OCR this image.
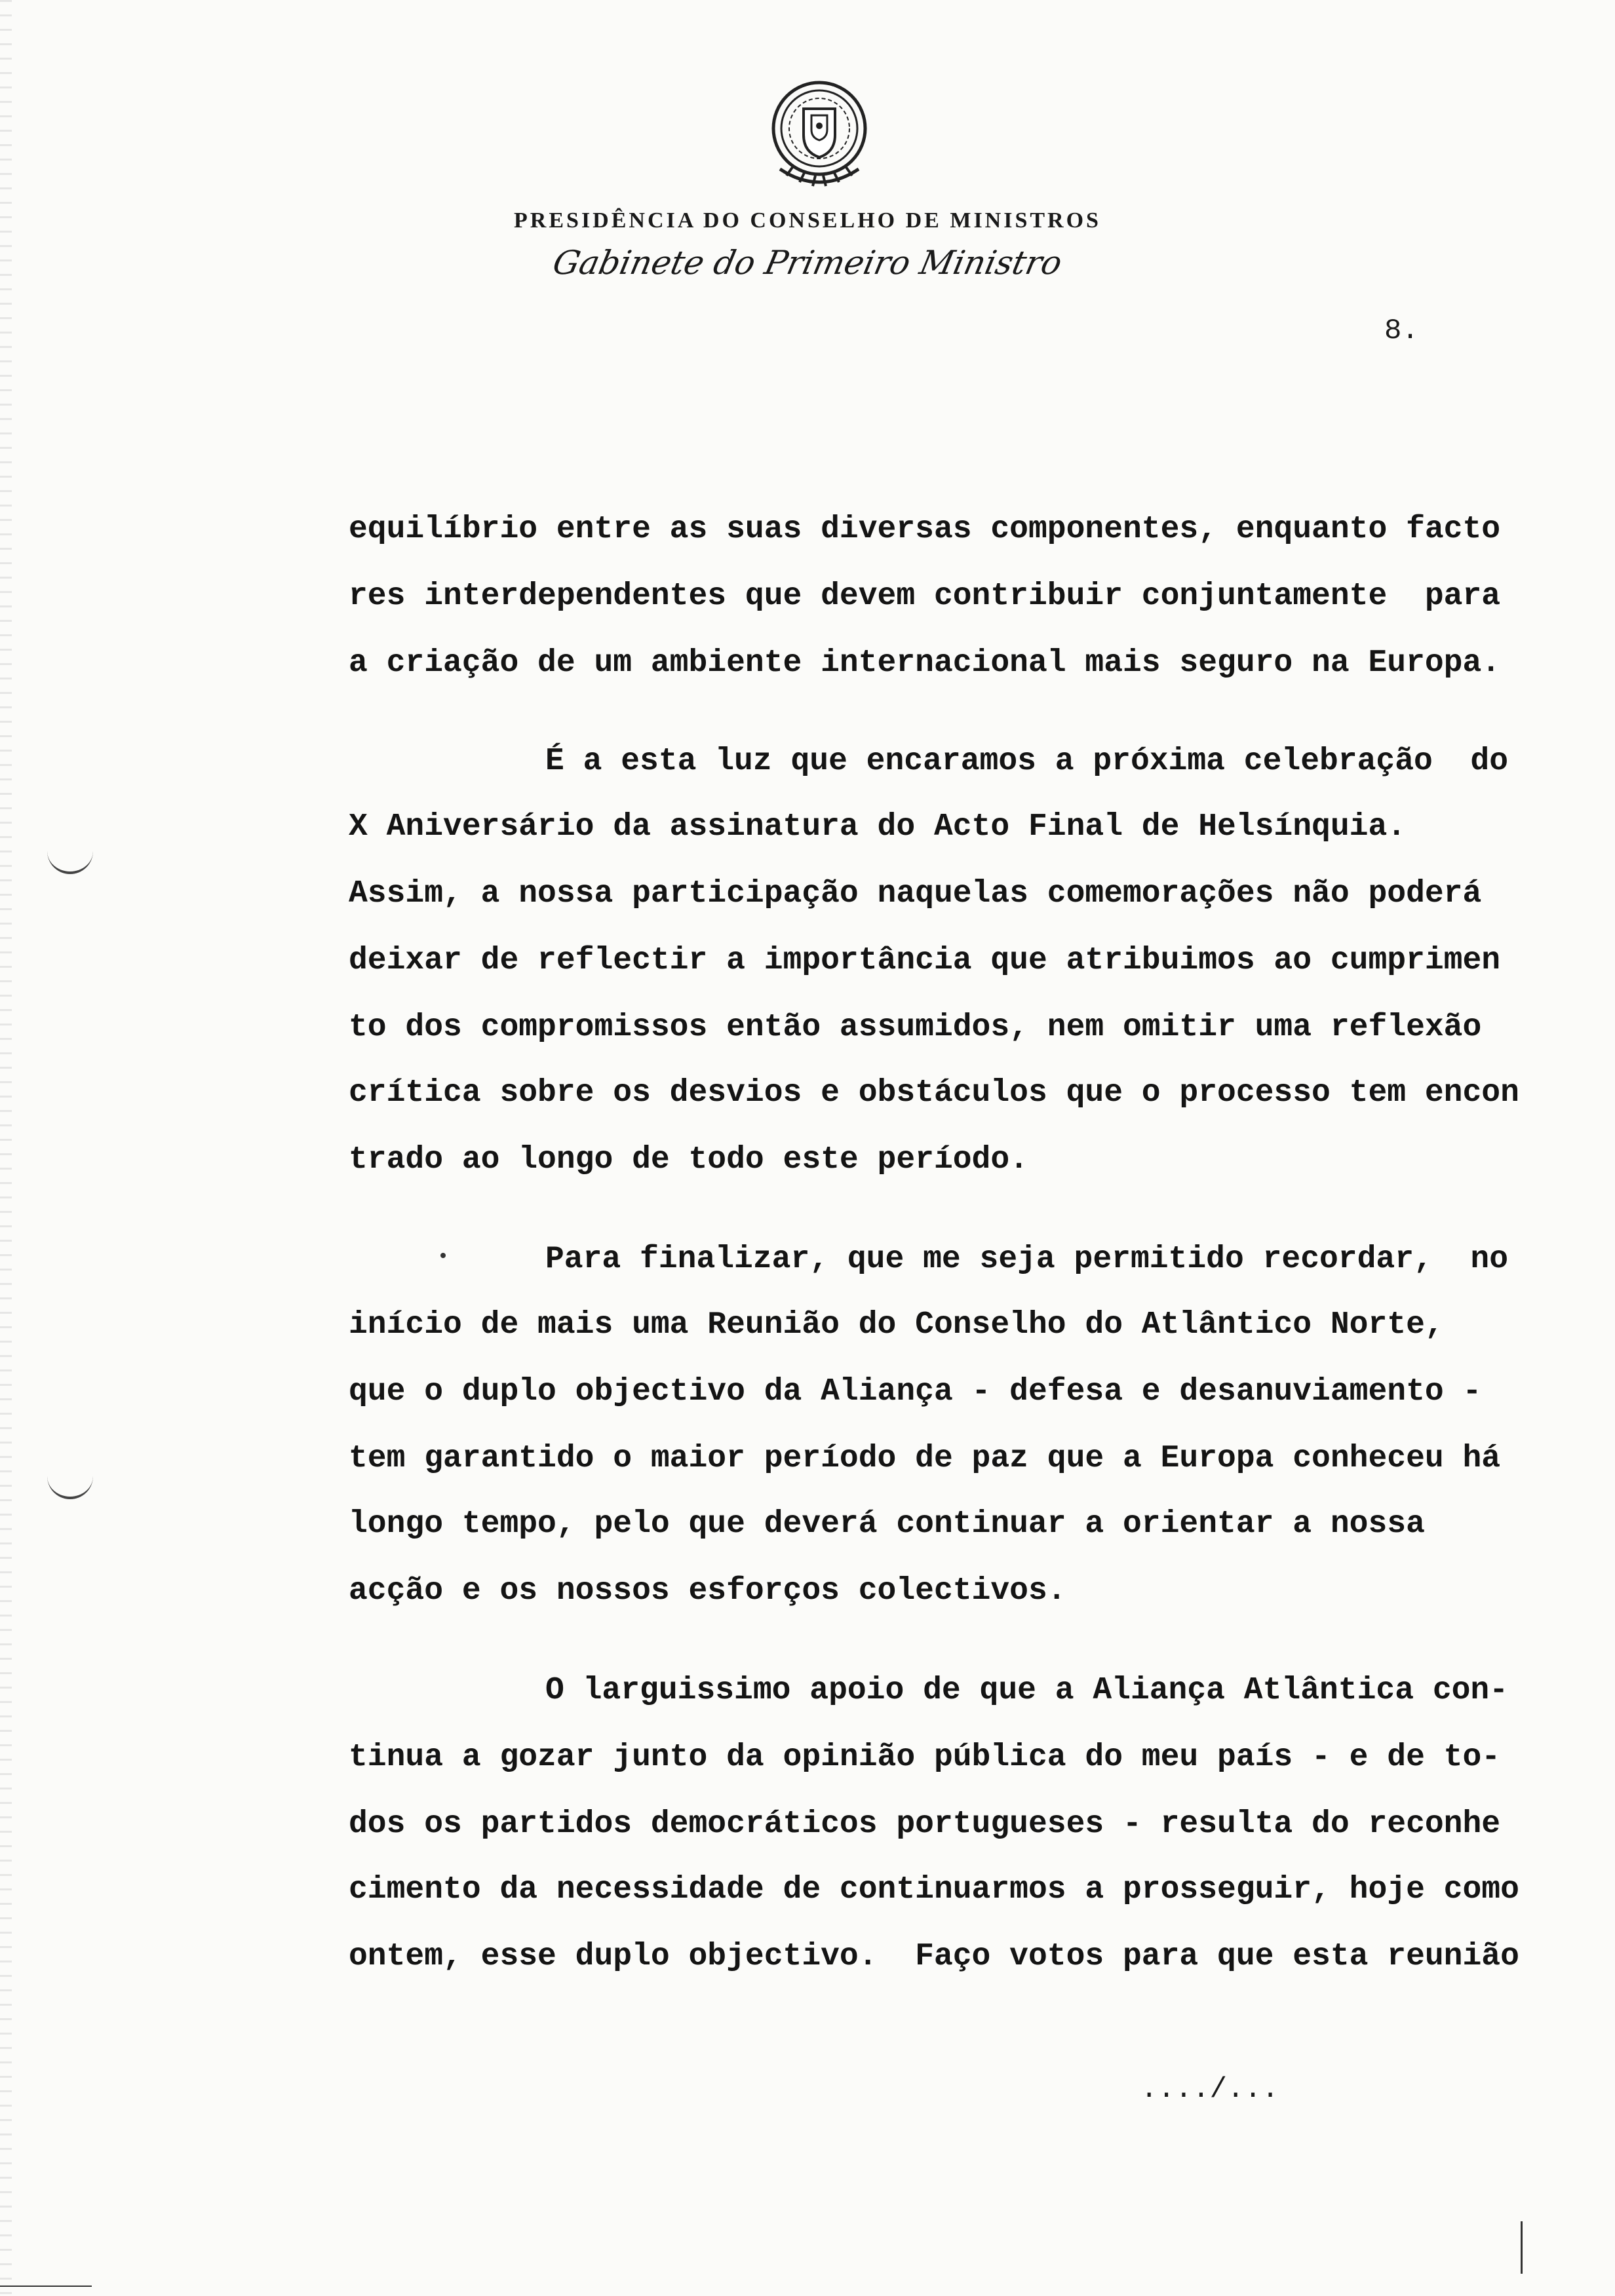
PRESIDÊNCIA DO CONSELHO DE MINISTROS
Gabinete do Primeiro Ministro
8.
equilíbrio entre as suas diversas componentes, enquanto facto
res interdependentes que devem contribuir conjuntamente  para
a criação de um ambiente internacional mais seguro na Europa.
É a esta luz que encaramos a próxima celebração  do
X Aniversário da assinatura do Acto Final de Helsínquia.
Assim, a nossa participação naquelas comemorações não poderá
deixar de reflectir a importância que atribuimos ao cumprimen
to dos compromissos então assumidos, nem omitir uma reflexão
crítica sobre os desvios e obstáculos que o processo tem encon
trado ao longo de todo este período.
Para finalizar, que me seja permitido recordar,  no
início de mais uma Reunião do Conselho do Atlântico Norte,
que o duplo objectivo da Aliança - defesa e desanuviamento -
tem garantido o maior período de paz que a Europa conheceu há
longo tempo, pelo que deverá continuar a orientar a nossa
acção e os nossos esforços colectivos.
O larguissimo apoio de que a Aliança Atlântica con-
tinua a gozar junto da opinião pública do meu país - e de to-
dos os partidos democráticos portugueses - resulta do reconhe
cimento da necessidade de continuarmos a prosseguir, hoje como
ontem, esse duplo objectivo.  Faço votos para que esta reunião
..../...
